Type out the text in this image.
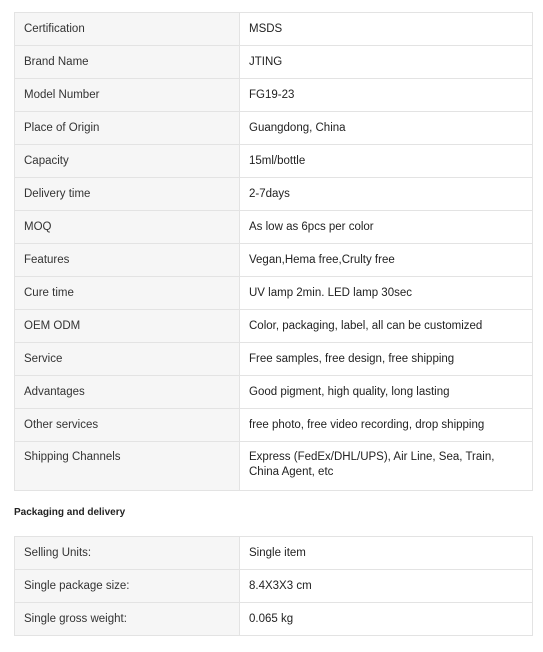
Certification	MSDS
Brand Name	JTING
Model Number	FG19-23
Place of Origin	Guangdong, China
Capacity	15ml/bottle
Delivery time	2-7days
MOQ	As low as 6pcs per color
Features	Vegan,Hema free,Crulty free
Cure time	UV lamp 2min. LED lamp 30sec
OEM ODM	Color, packaging, label, all can be customized
Service	Free samples, free design, free shipping
Advantages	Good pigment, high quality, long lasting
Other services	free photo, free video recording, drop shipping
Shipping Channels	Express (FedEx/DHL/UPS), Air Line, Sea, Train, China Agent, etc
Packaging and delivery
Selling Units:	Single item
Single package size:	8.4X3X3 cm
Single gross weight:	0.065 kg
